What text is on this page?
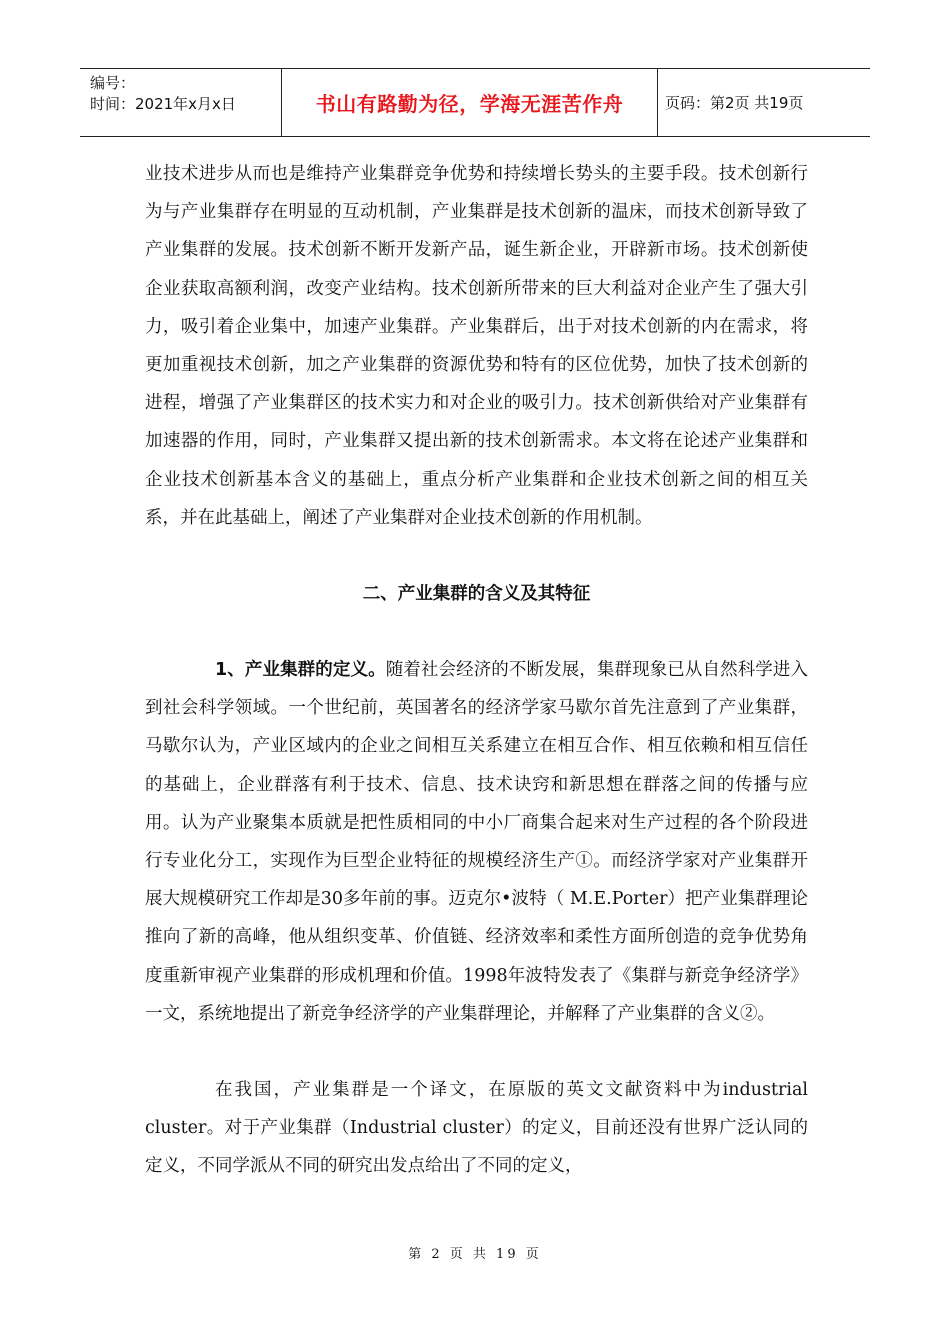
编号：
时间：2021年x月x日	书山有路勤为径，学海无涯苦作舟	页码：第2页 共19页

业技术进步从而也是维持产业集群竞争优势和持续增长势头的主要手段。技术创新行为与产业集群存在明显的互动机制，产业集群是技术创新的温床，而技术创新导致了产业集群的发展。技术创新不断开发新产品，诞生新企业，开辟新市场。技术创新使企业获取高额利润，改变产业结构。技术创新所带来的巨大利益对企业产生了强大引力，吸引着企业集中，加速产业集群。产业集群后，出于对技术创新的内在需求，将更加重视技术创新，加之产业集群的资源优势和特有的区位优势，加快了技术创新的进程，增强了产业集群区的技术实力和对企业的吸引力。技术创新供给对产业集群有加速器的作用，同时，产业集群又提出新的技术创新需求。本文将在论述产业集群和企业技术创新基本含义的基础上，重点分析产业集群和企业技术创新之间的相互关系，并在此基础上，阐述了产业集群对企业技术创新的作用机制。

二、产业集群的含义及其特征

1、产业集群的定义。随着社会经济的不断发展，集群现象已从自然科学进入到社会科学领域。一个世纪前，英国著名的经济学家马歇尔首先注意到了产业集群，马歇尔认为，产业区域内的企业之间相互关系建立在相互合作、相互依赖和相互信任的基础上，企业群落有利于技术、信息、技术诀窍和新思想在群落之间的传播与应用。认为产业聚集本质就是把性质相同的中小厂商集合起来对生产过程的各个阶段进行专业化分工，实现作为巨型企业特征的规模经济生产①。而经济学家对产业集群开展大规模研究工作却是30多年前的事。迈克尔•波特（ M.E.Porter）把产业集群理论推向了新的高峰，他从组织变革、价值链、经济效率和柔性方面所创造的竞争优势角度重新审视产业集群的形成机理和价值。1998年波特发表了《集群与新竞争经济学》一文，系统地提出了新竞争经济学的产业集群理论，并解释了产业集群的含义②。

在我国，产业集群是一个译文，在原版的英文文献资料中为industrial cluster。对于产业集群（Industrial cluster）的定义，目前还没有世界广泛认同的定义，不同学派从不同的研究出发点给出了不同的定义，

第 2 页 共 19 页
